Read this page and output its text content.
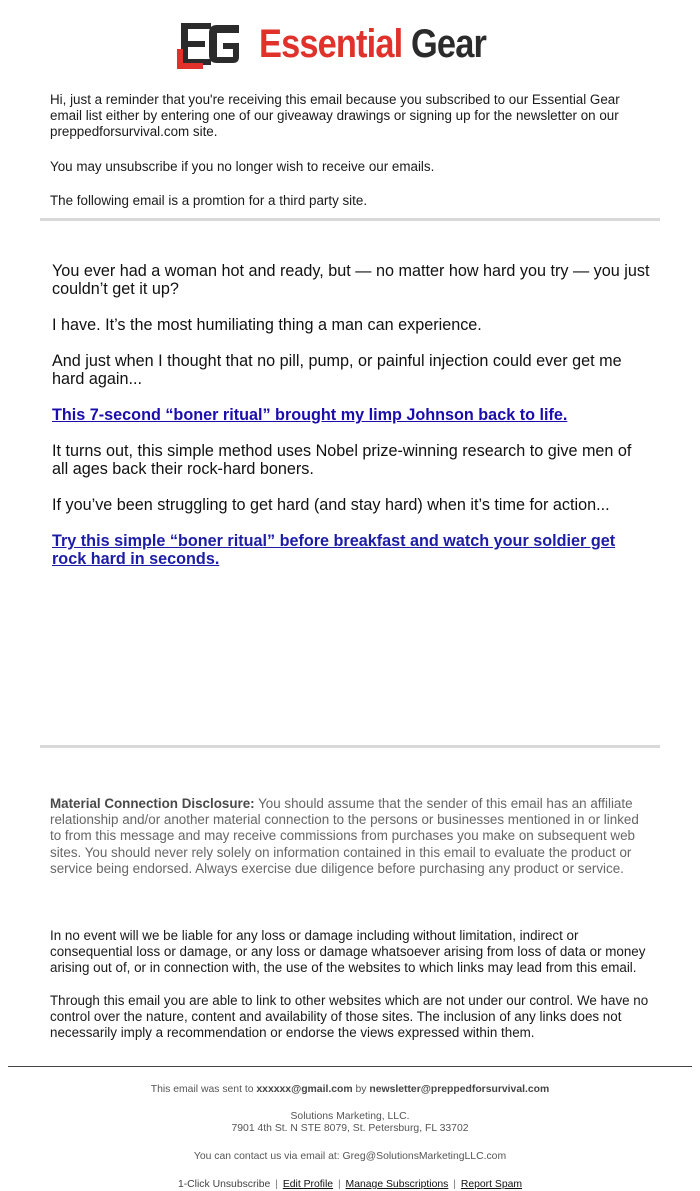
Essential Gear

Hi, just a reminder that you're receiving this email because you subscribed to our Essential Gear email list either by entering one of our giveaway drawings or signing up for the newsletter on our preppedforsurvival.com site.

You may unsubscribe if you no longer wish to receive our emails.

The following email is a promtion for a third party site.

You ever had a woman hot and ready, but — no matter how hard you try — you just couldn’t get it up?

I have. It’s the most humiliating thing a man can experience.

And just when I thought that no pill, pump, or painful injection could ever get me hard again...

This 7-second “boner ritual” brought my limp Johnson back to life.

It turns out, this simple method uses Nobel prize-winning research to give men of all ages back their rock-hard boners.

If you’ve been struggling to get hard (and stay hard) when it’s time for action...

Try this simple “boner ritual” before breakfast and watch your soldier get rock hard in seconds.

Material Connection Disclosure: You should assume that the sender of this email has an affiliate relationship and/or another material connection to the persons or businesses mentioned in or linked to from this message and may receive commissions from purchases you make on subsequent web sites. You should never rely solely on information contained in this email to evaluate the product or service being endorsed. Always exercise due diligence before purchasing any product or service.

In no event will we be liable for any loss or damage including without limitation, indirect or consequential loss or damage, or any loss or damage whatsoever arising from loss of data or money arising out of, or in connection with, the use of the websites to which links may lead from this email.

Through this email you are able to link to other websites which are not under our control. We have no control over the nature, content and availability of those sites. The inclusion of any links does not necessarily imply a recommendation or endorse the views expressed within them.

This email was sent to xxxxxx@gmail.com by newsletter@preppedforsurvival.com

Solutions Marketing, LLC.

7901 4th St. N STE 8079, St. Petersburg, FL 33702

You can contact us via email at: Greg@SolutionsMarketingLLC.com

1-Click Unsubscribe | Edit Profile | Manage Subscriptions | Report Spam
